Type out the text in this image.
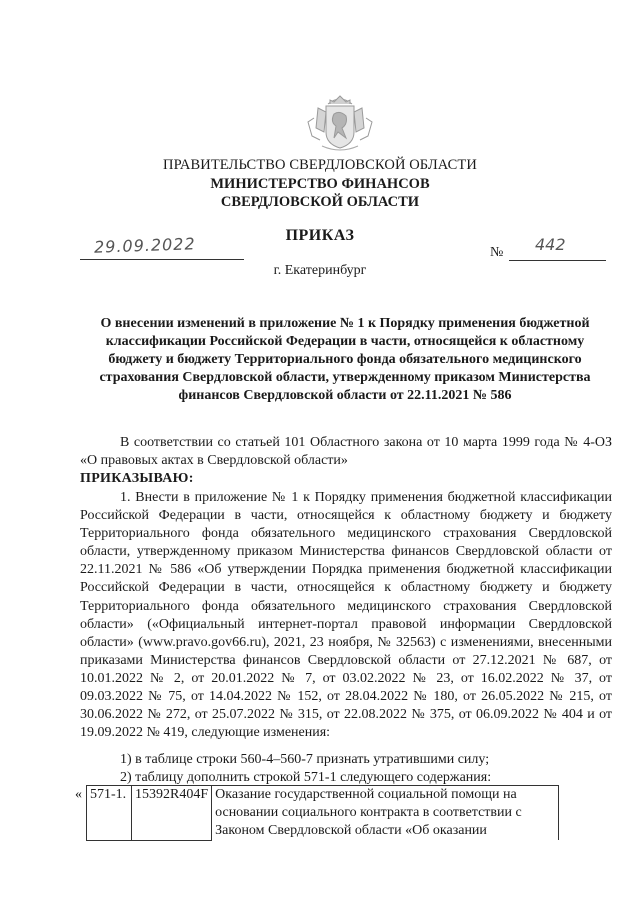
ПРАВИТЕЛЬСТВО СВЕРДЛОВСКОЙ ОБЛАСТИ
МИНИСТЕРСТВО ФИНАНСОВ
СВЕРДЛОВСКОЙ ОБЛАСТИ
ПРИКАЗ
29.09.2022	№ 442
г. Екатеринбург
О внесении изменений в приложение № 1 к Порядку применения бюджетной классификации Российской Федерации в части, относящейся к областному бюджету и бюджету Территориального фонда обязательного медицинского страхования Свердловской области, утвержденному приказом Министерства финансов Свердловской области от 22.11.2021 № 586
В соответствии со статьей 101 Областного закона от 10 марта 1999 года № 4-ОЗ «О правовых актах в Свердловской области»
ПРИКАЗЫВАЮ:
1. Внести в приложение № 1 к Порядку применения бюджетной классификации Российской Федерации в части, относящейся к областному бюджету и бюджету Территориального фонда обязательного медицинского страхования Свердловской области, утвержденному приказом Министерства финансов Свердловской области от 22.11.2021 № 586 «Об утверждении Порядка применения бюджетной классификации Российской Федерации в части, относящейся к областному бюджету и бюджету Территориального фонда обязательного медицинского страхования Свердловской области» («Официальный интернет-портал правовой информации Свердловской области» (www.pravo.gov66.ru), 2021, 23 ноября, № 32563) с изменениями, внесенными приказами Министерства финансов Свердловской области от 27.12.2021 № 687, от 10.01.2022 № 2, от 20.01.2022 № 7, от 03.02.2022 № 23, от 16.02.2022 № 37, от 09.03.2022 № 75, от 14.04.2022 № 152, от 28.04.2022 № 180, от 26.05.2022 № 215, от 30.06.2022 № 272, от 25.07.2022 № 315, от 22.08.2022 № 375, от 06.09.2022 № 404 и от 19.09.2022 № 419, следующие изменения:
1) в таблице строки 560-4–560-7 признать утратившими силу;
2) таблицу дополнить строкой 571-1 следующего содержания:
«	571-1.	15392R404F	Оказание государственной социальной помощи на основании социального контракта в соответствии с Законом Свердловской области «Об оказании
